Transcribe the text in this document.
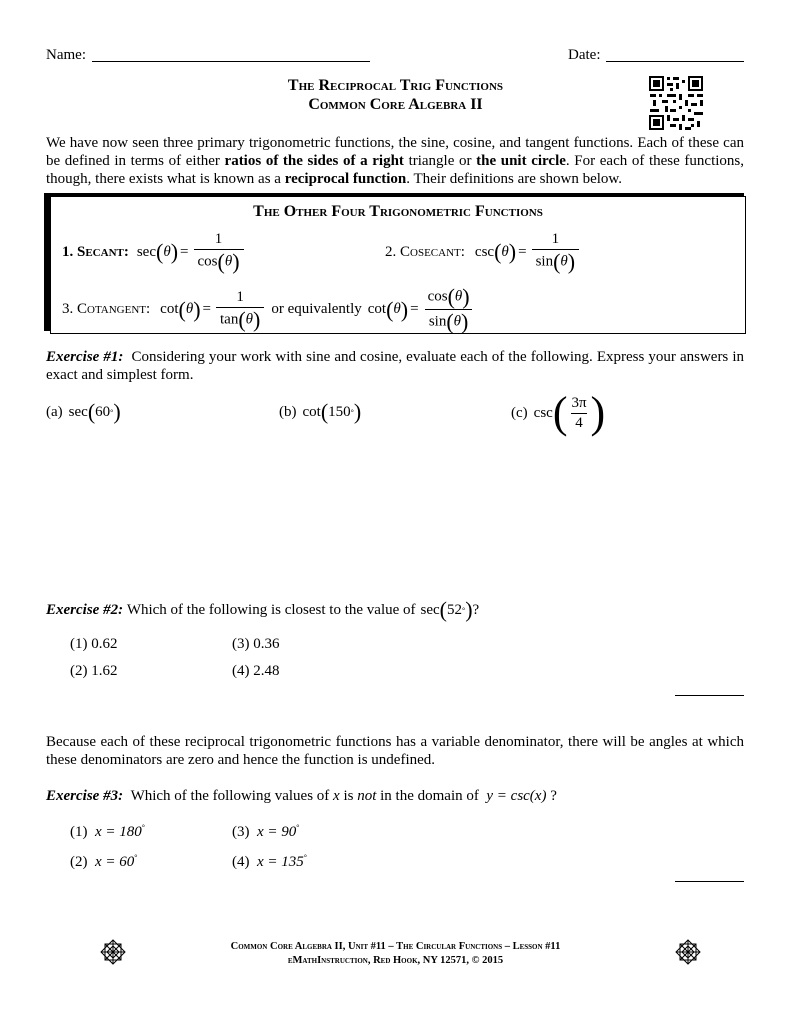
Name:	Date:
The Reciprocal Trig Functions
Common Core Algebra II
We have now seen three primary trigonometric functions, the sine, cosine, and tangent functions. Each of these can be defined in terms of either ratios of the sides of a right triangle or the unit circle. For each of these functions, though, there exists what is known as a reciprocal function. Their definitions are shown below.
The Other Four Trigonometric Functions
1. Secant: sec ( θ ) = $\frac{1}{\cos(\theta)}$	2. Cosecant: csc ( θ ) = $\frac{1}{\sin(\theta)}$
3. Cotangent: cot ( θ ) = $\frac{1}{\tan(\theta)}$ or equivalently cot ( θ ) = $\frac{\cos(\theta)}{\sin(\theta)}$
Exercise #1: Considering your work with sine and cosine, evaluate each of the following. Express your answers in exact and simplest form.
(a) sec ( 60 ° )	(b) cot ( 150 ° )	(c) csc ( $\frac{3\pi}{4}$ )
Exercise #2:
Which of the following is closest to the value of sec ( 52 ° ) ?
(1) 0.62	(3) 0.36
(2) 1.62	(4) 2.48
Because each of these reciprocal trigonometric functions has a variable denominator, there will be angles at which these denominators are zero and hence the function is undefined.
Exercise #3:
Which of the following values of
x
is
not
in the domain of
y = csc(x)
?
(1) x = 180°	(3) x = 90°
(2) x = 60°	(4) x = 135°
Common Core Algebra II, Unit #11 – The Circular Functions – Lesson #11
eMathInstruction, Red Hook, NY 12571, © 2015
